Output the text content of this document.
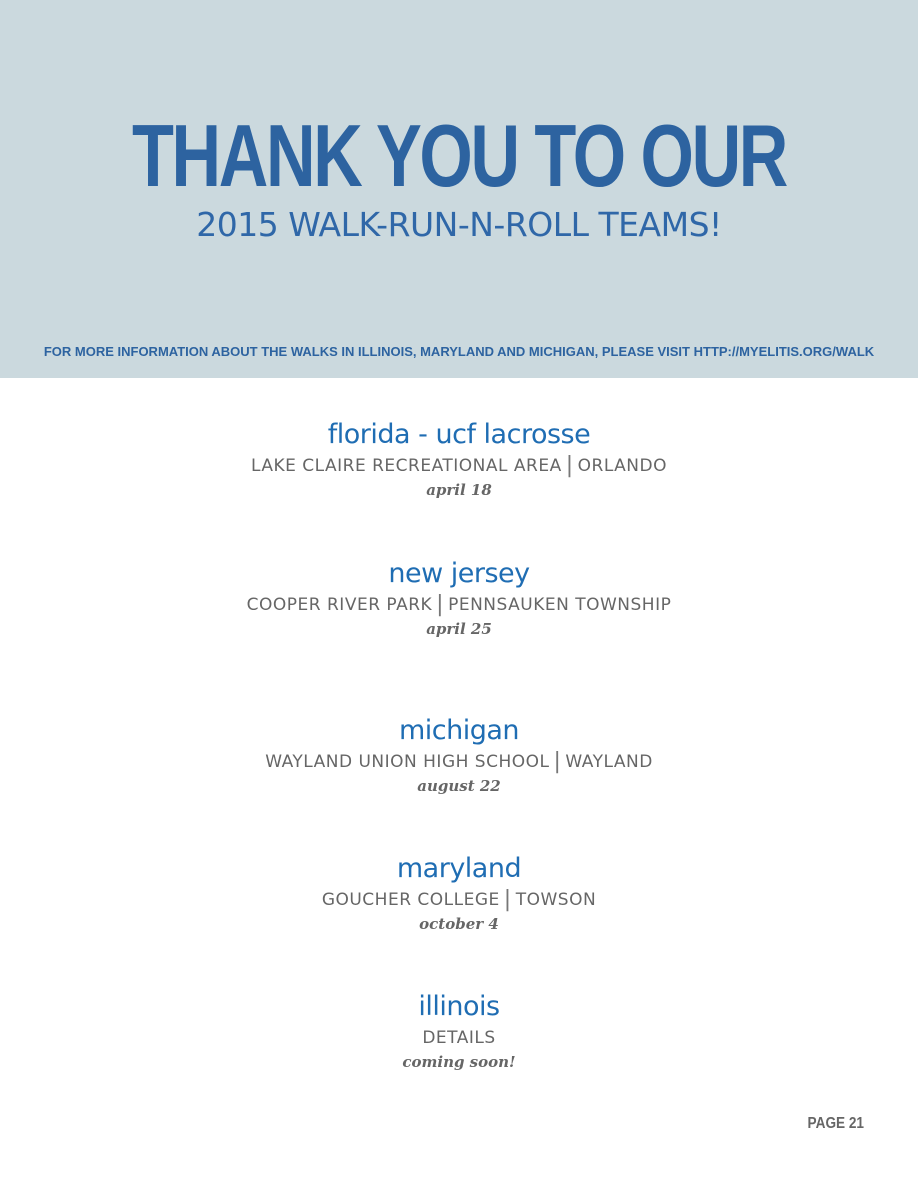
THANK YOU TO OUR
2015 WALK-RUN-N-ROLL TEAMS!
FOR MORE INFORMATION ABOUT THE WALKS IN ILLINOIS, MARYLAND AND MICHIGAN, PLEASE VISIT HTTP://MYELITIS.ORG/WALK
florida - ucf lacrosse
LAKE CLAIRE RECREATIONAL AREA | ORLANDO
april 18
new jersey
COOPER RIVER PARK | PENNSAUKEN TOWNSHIP
april 25
michigan
WAYLAND UNION HIGH SCHOOL | WAYLAND
august 22
maryland
GOUCHER COLLEGE | TOWSON
october 4
illinois
DETAILS
coming soon!
PAGE 21
